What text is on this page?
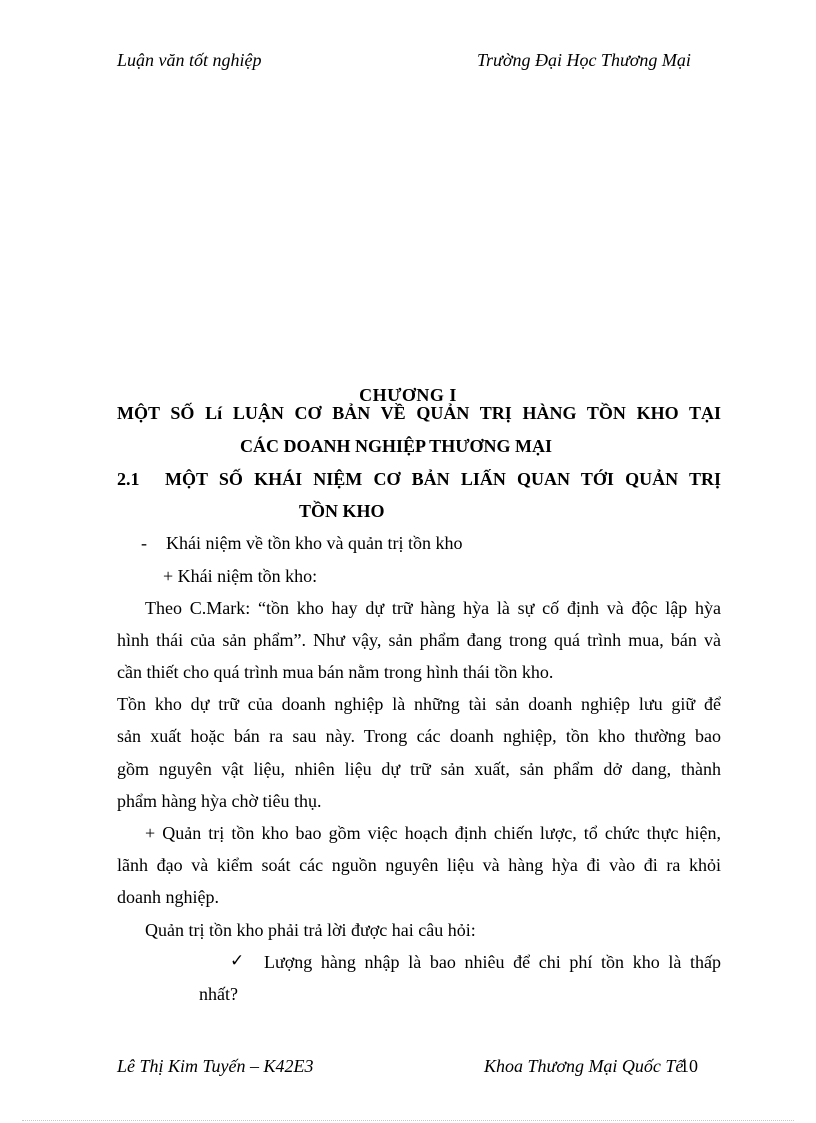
Luận văn tốt nghiệp	Trường Đại Học Thương Mại
CHƯƠNG I
MỘT SỐ Lí LUẬN CƠ BẢN VỀ QUẢN TRỊ HÀNG TỒN KHO TẠI
CÁC DOANH NGHIỆP THƯƠNG MẠI
2.1 MỘT SỐ KHÁI NIỆM CƠ BẢN LIẤN QUAN TỚI QUẢN TRỊ
TỒN KHO
- Khái niệm về tồn kho và quản trị tồn kho
+ Khái niệm tồn kho:
Theo C.Mark: “tồn kho hay dự trữ hàng hỳa là sự cố định và độc lập hỳa
hình thái của sản phẩm”. Như vậy, sản phẩm đang trong quá trình mua, bán và
cần thiết cho quá trình mua bán nằm trong hình thái tồn kho.
Tồn kho dự trữ của doanh nghiệp là những tài sản doanh nghiệp lưu giữ để
sản xuất hoặc bán ra sau này. Trong các doanh nghiệp, tồn kho thường bao
gồm nguyên vật liệu, nhiên liệu dự trữ sản xuất, sản phẩm dở dang, thành
phẩm hàng hỳa chờ tiêu thụ.
+ Quản trị tồn kho bao gồm việc hoạch định chiến lược, tổ chức thực hiện,
lãnh đạo và kiểm soát các nguồn nguyên liệu và hàng hỳa đi vào đi ra khỏi
doanh nghiệp.
Quản trị tồn kho phải trả lời được hai câu hỏi:
✓ Lượng hàng nhập là bao nhiêu để chi phí tồn kho là thấp
nhất?
Lê Thị Kim Tuyến – K42E3	Khoa Thương Mại Quốc Tế
10
